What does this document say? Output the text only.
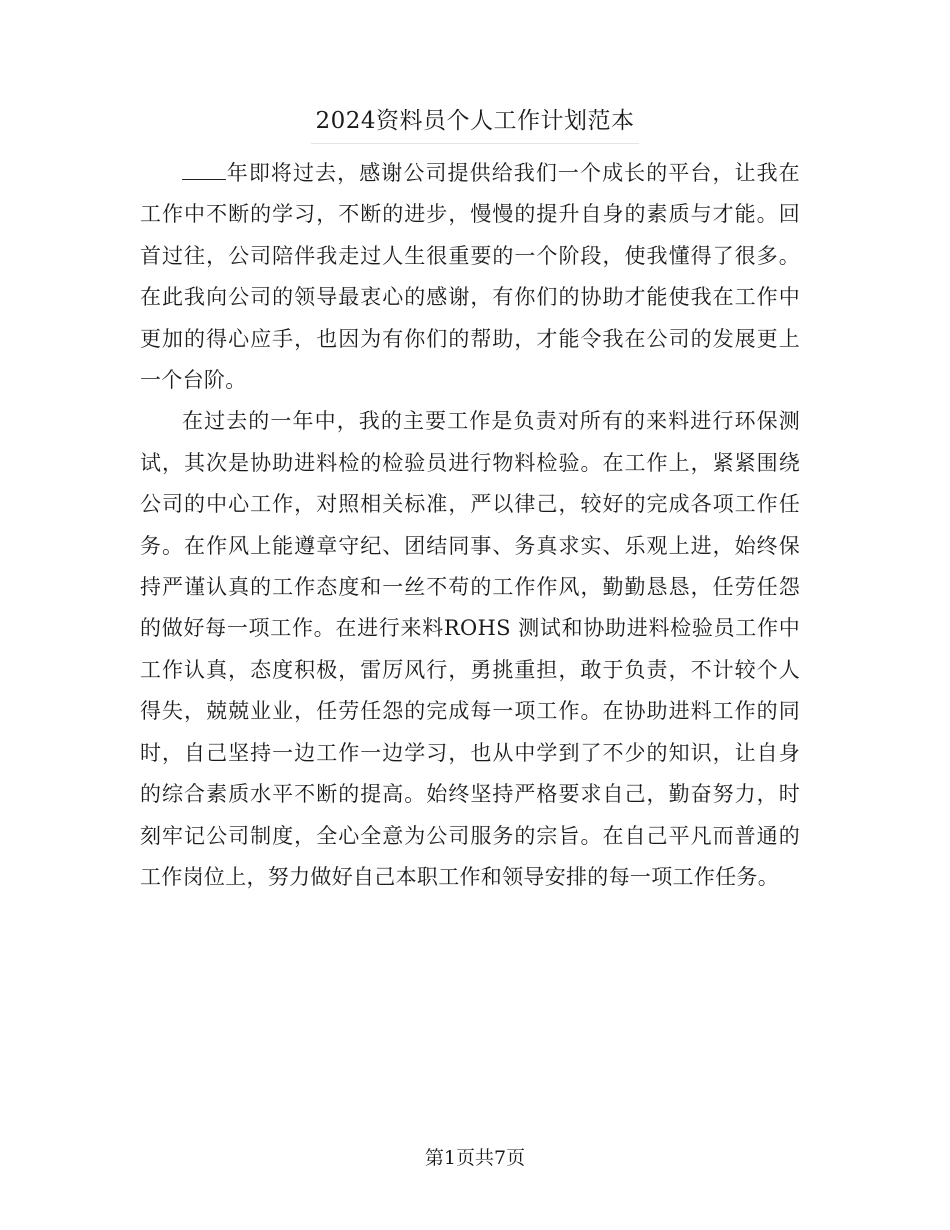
2024资料员个人工作计划范本

年即将过去，感谢公司提供给我们一个成长的平台，让我在工作中不断的学习，不断的进步，慢慢的提升自身的素质与才能。回首过往，公司陪伴我走过人生很重要的一个阶段，使我懂得了很多。在此我向公司的领导最衷心的感谢，有你们的协助才能使我在工作中更加的得心应手，也因为有你们的帮助，才能令我在公司的发展更上一个台阶。

在过去的一年中，我的主要工作是负责对所有的来料进行环保测试，其次是协助进料检的检验员进行物料检验。在工作上，紧紧围绕公司的中心工作，对照相关标准，严以律己，较好的完成各项工作任务。在作风上能遵章守纪、团结同事、务真求实、乐观上进，始终保持严谨认真的工作态度和一丝不苟的工作作风，勤勤恳恳，任劳任怨的做好每一项工作。在进行来料ROHS 测试和协助进料检验员工作中工作认真，态度积极，雷厉风行，勇挑重担，敢于负责，不计较个人得失，兢兢业业，任劳任怨的完成每一项工作。在协助进料工作的同时，自己坚持一边工作一边学习，也从中学到了不少的知识，让自身的综合素质水平不断的提高。始终坚持严格要求自己，勤奋努力，时刻牢记公司制度，全心全意为公司服务的宗旨。在自己平凡而普通的工作岗位上，努力做好自己本职工作和领导安排的每一项工作任务。

第1页共7页
